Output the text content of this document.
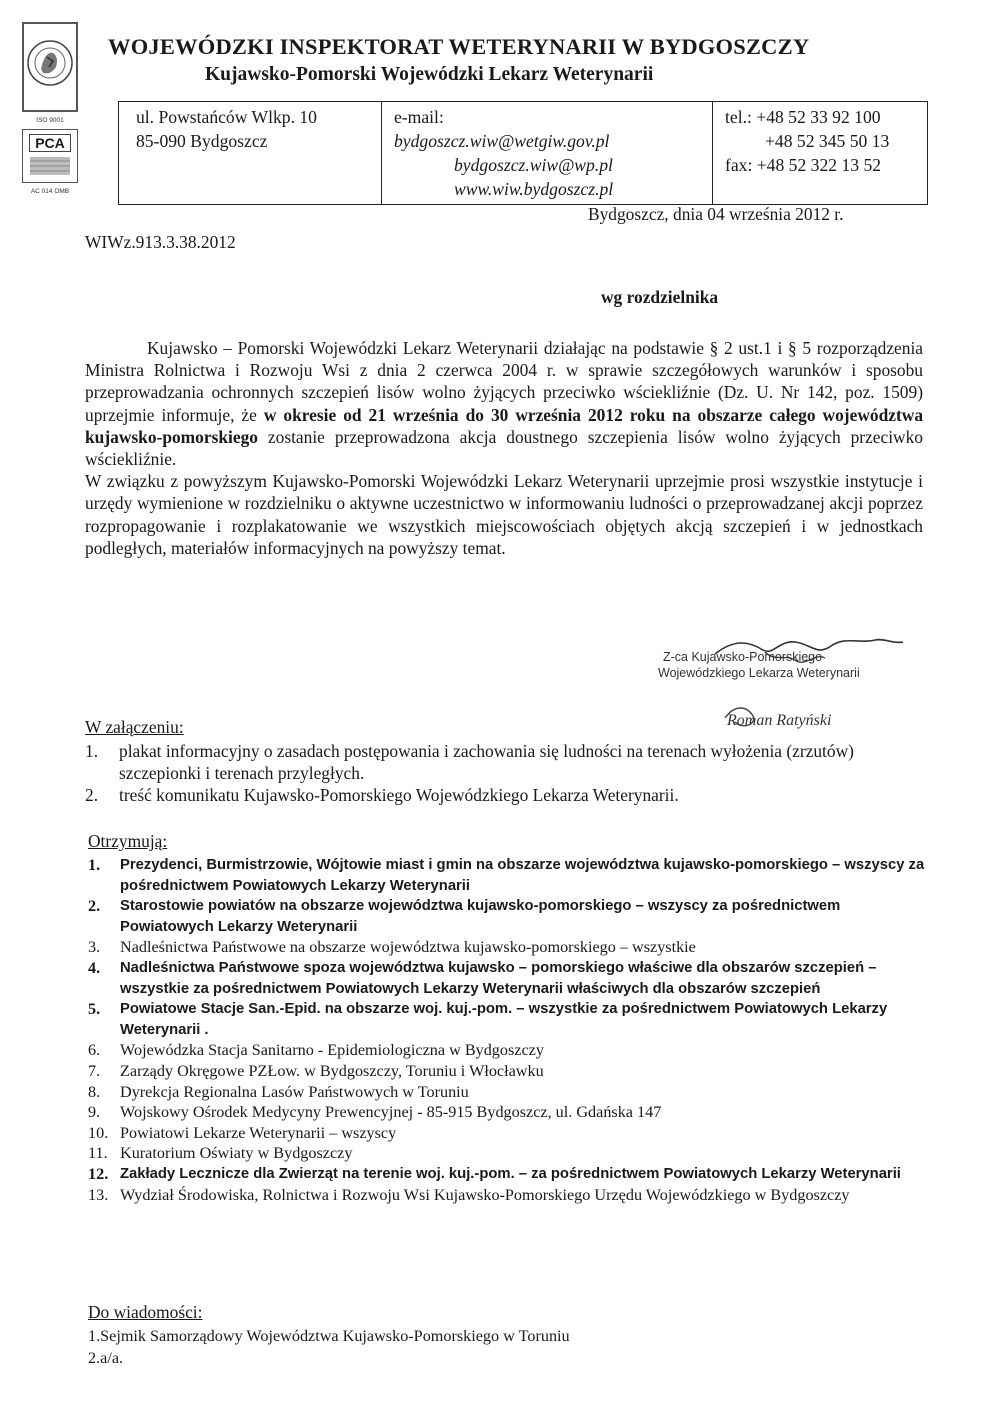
ISO 9001
PCA
AC 014 OMB
WOJEWÓDZKI INSPEKTORAT WETERYNARII W BYDGOSZCZY
Kujawsko-Pomorski Wojewódzki Lekarz Weterynarii
ul. Powstańców Wlkp. 10
85-090 Bydgoszcz
e-mail:
bydgoszcz.wiw@wetgiw.gov.pl
bydgoszcz.wiw@wp.pl
www.wiw.bydgoszcz.pl
tel.: +48 52 33 92 100
+48 52 345 50 13
fax: +48 52 322 13 52
Bydgoszcz, dnia 04 września 2012 r.
WIWz.913.3.38.2012
wg rozdzielnika

Kujawsko – Pomorski Wojewódzki Lekarz Weterynarii działając na podstawie § 2 ust.1 i § 5 rozporządzenia Ministra Rolnictwa i Rozwoju Wsi z dnia 2 czerwca 2004 r. w sprawie szczegółowych warunków i sposobu przeprowadzania ochronnych szczepień lisów wolno żyjących przeciwko wściekliźnie (Dz. U. Nr 142, poz. 1509) uprzejmie informuje, że w okresie od 21 września do 30 września 2012 roku na obszarze całego województwa kujawsko-pomorskiego zostanie przeprowadzona akcja doustnego szczepienia lisów wolno żyjących przeciwko wściekliźnie.

W związku z powyższym Kujawsko-Pomorski Wojewódzki Lekarz Weterynarii uprzejmie prosi wszystkie instytucje i urzędy wymienione w rozdzielniku o aktywne uczestnictwo w informowaniu ludności o przeprowadzanej akcji poprzez rozpropagowanie i rozplakatowanie we wszystkich miejscowościach objętych akcją szczepień i w jednostkach podległych, materiałów informacyjnych na powyższy temat.

Z-ca Kujawsko-Pomorskiego
Wojewódzkiego Lekarza Weterynarii
Roman Ratyński
W załączeniu:
1.	plakat informacyjny o zasadach postępowania i zachowania się ludności na terenach wyłożenia (zrzutów) szczepionki i terenach przyległych.
2.	treść komunikatu Kujawsko-Pomorskiego Wojewódzkiego Lekarza Weterynarii.
Otrzymują:
1.	Prezydenci, Burmistrzowie, Wójtowie miast i gmin na obszarze województwa kujawsko-pomorskiego – wszyscy za pośrednictwem Powiatowych Lekarzy Weterynarii
2.	Starostowie powiatów na obszarze województwa kujawsko-pomorskiego – wszyscy za pośrednictwem Powiatowych Lekarzy Weterynarii
3.	Nadleśnictwa Państwowe na obszarze województwa kujawsko-pomorskiego – wszystkie
4.	Nadleśnictwa Państwowe spoza województwa kujawsko – pomorskiego właściwe dla obszarów szczepień – wszystkie za pośrednictwem Powiatowych Lekarzy Weterynarii właściwych dla obszarów szczepień
5.	Powiatowe Stacje San.-Epid. na obszarze woj. kuj.-pom. – wszystkie za pośrednictwem Powiatowych Lekarzy Weterynarii .
6.	Wojewódzka Stacja Sanitarno - Epidemiologiczna w Bydgoszczy
7.	Zarządy Okręgowe PZŁow. w Bydgoszczy, Toruniu i Włocławku
8.	Dyrekcja Regionalna Lasów Państwowych w Toruniu
9.	Wojskowy Ośrodek Medycyny Prewencyjnej - 85-915 Bydgoszcz, ul. Gdańska 147
10. Powiatowi Lekarze Weterynarii – wszyscy
11. Kuratorium Oświaty w Bydgoszczy
12. Zakłady Lecznicze dla Zwierząt na terenie woj. kuj.-pom. – za pośrednictwem Powiatowych Lekarzy Weterynarii
13. Wydział Środowiska, Rolnictwa i Rozwoju Wsi Kujawsko-Pomorskiego Urzędu Wojewódzkiego w Bydgoszczy
Do wiadomości:
1.Sejmik Samorządowy Województwa Kujawsko-Pomorskiego w Toruniu
2.a/a.
